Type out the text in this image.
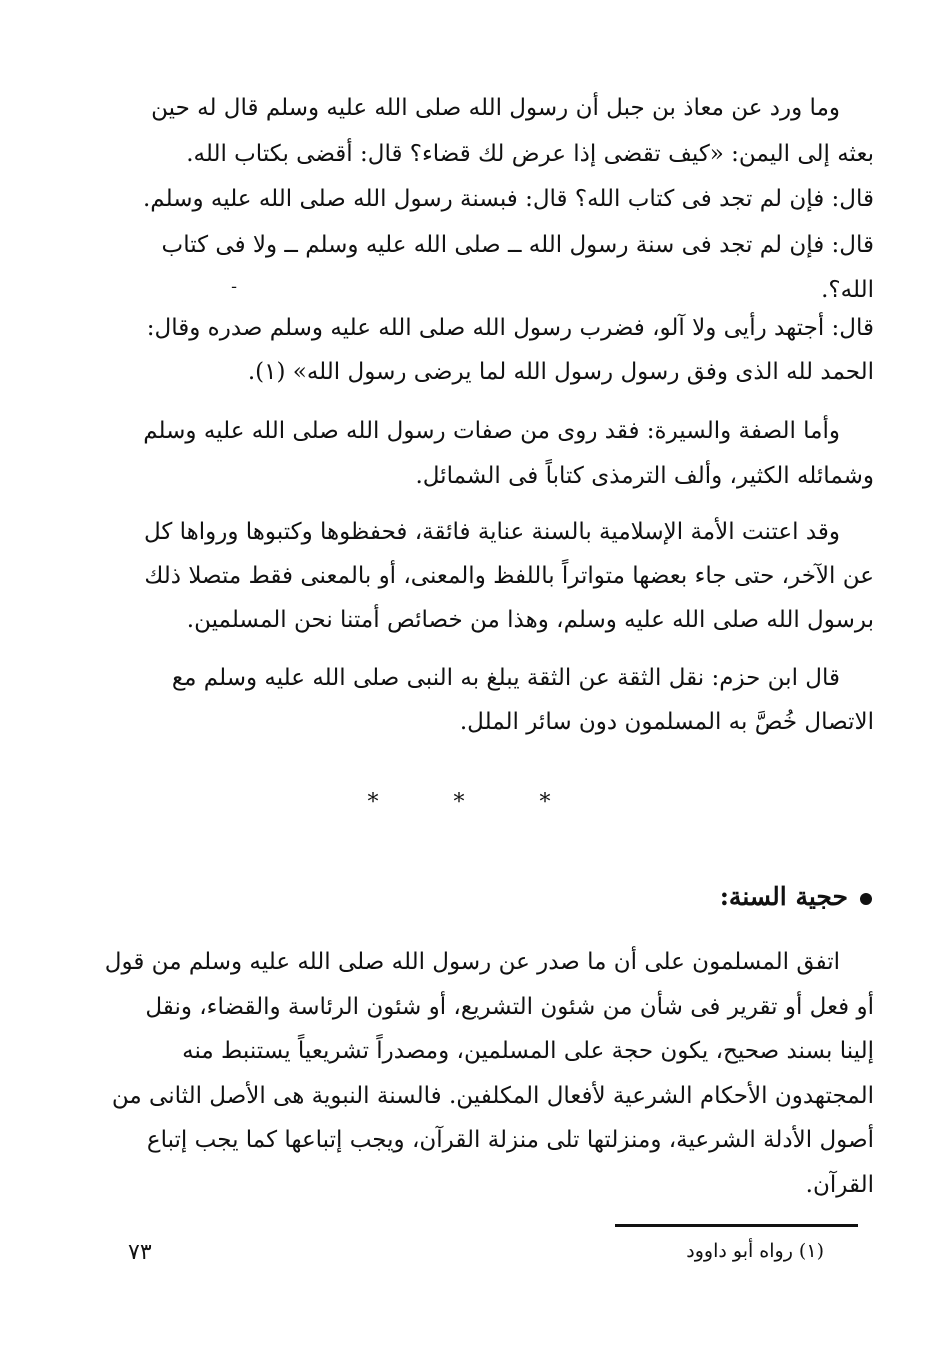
وما ورد عن معاذ بن جبل أن رسول الله صلى الله عليه وسلم قال له حين
بعثه إلى اليمن: «كيف تقضى إذا عرض لك قضاء؟ قال: أقضى بكتاب الله.
قال: فإن لم تجد فى كتاب الله؟ قال: فبسنة رسول الله صلى الله عليه وسلم.
قال: فإن لم تجد فى سنة رسول الله ــ صلى الله عليه وسلم ــ ولا فى كتاب
الله؟.
ـ
قال: أجتهد رأيى ولا آلو، فضرب رسول الله صلى الله عليه وسلم صدره وقال:
الحمد لله الذى وفق رسول رسول الله لما يرضى رسول الله» (١).
وأما الصفة والسيرة: فقد روى من صفات رسول الله صلى الله عليه وسلم
وشمائله الكثير، وألف الترمذى كتاباً فى الشمائل.
وقد اعتنت الأمة الإسلامية بالسنة عناية فائقة، فحفظوها وكتبوها ورواها كل
عن الآخر، حتى جاء بعضها متواتراً باللفظ والمعنى، أو بالمعنى فقط متصلا ذلك
برسول الله صلى الله عليه وسلم، وهذا من خصائص أمتنا نحن المسلمين.
قال ابن حزم: نقل الثقة عن الثقة يبلغ به النبى صلى الله عليه وسلم مع
الاتصال خُصَّ به المسلمون دون سائر الملل.
* * *
حجية السنة:
اتفق المسلمون على أن ما صدر عن رسول الله صلى الله عليه وسلم من قول
أو فعل أو تقرير فى شأن من شئون التشريع، أو شئون الرئاسة والقضاء، ونقل
إلينا بسند صحيح، يكون حجة على المسلمين، ومصدراً تشريعياً يستنبط منه
المجتهدون الأحكام الشرعية لأفعال المكلفين. فالسنة النبوية هى الأصل الثانى من
أصول الأدلة الشرعية، ومنزلتها تلى منزلة القرآن، ويجب إتباعها كما يجب إتباع
القرآن.
(١) رواه أبو داوود
٧٣
